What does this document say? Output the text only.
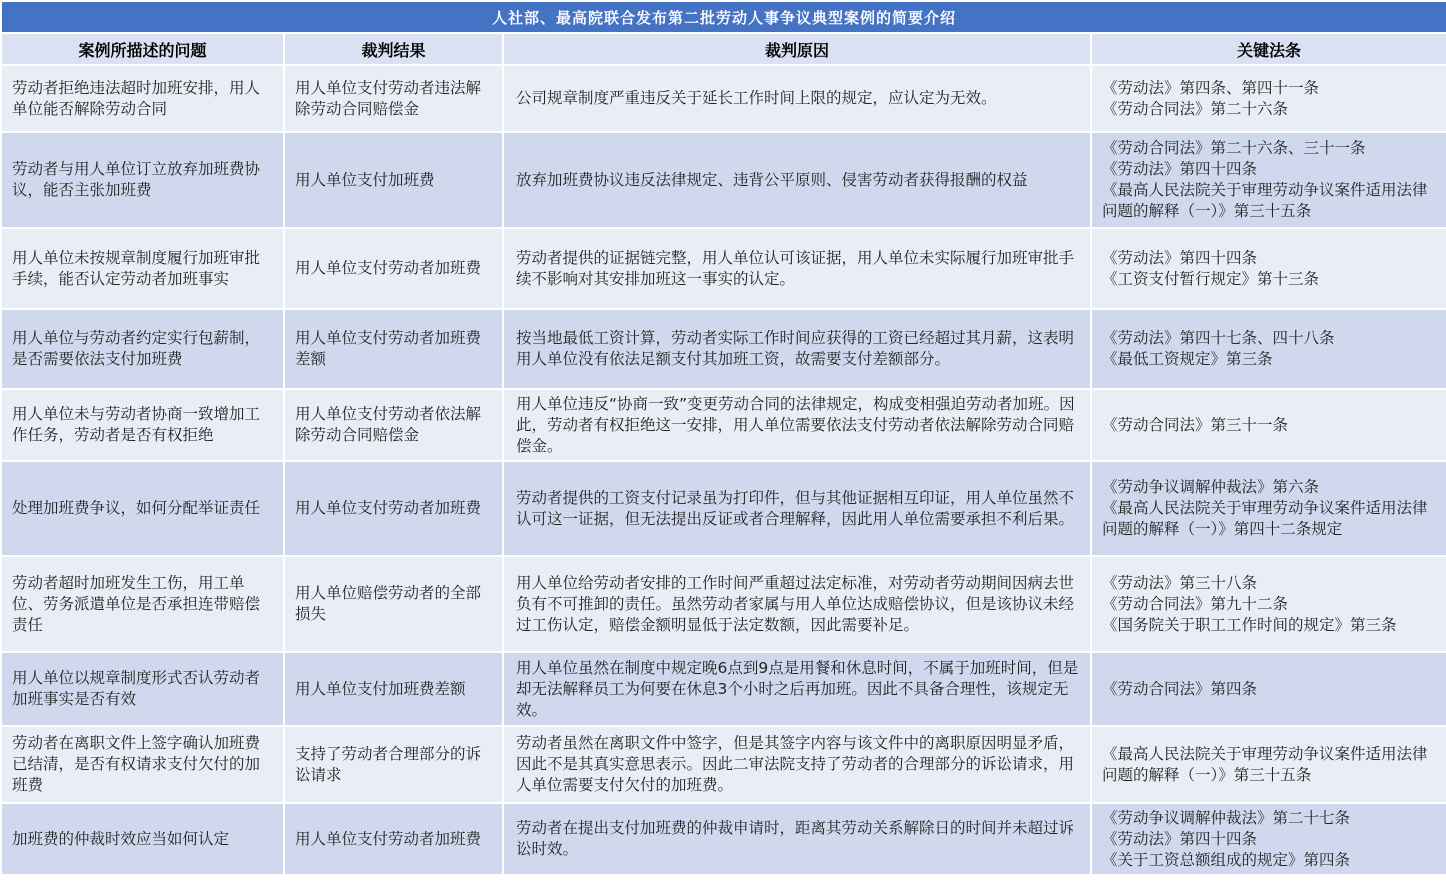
人社部、最高院联合发布第二批劳动人事争议典型案例的简要介绍			
案例所描述的问题	裁判结果	裁判原因	关键法条
劳动者拒绝违法超时加班安排，用人单位能否解除劳动合同	用人单位支付劳动者违法解除劳动合同赔偿金	公司规章制度严重违反关于延长工作时间上限的规定，应认定为无效。	《劳动法》第四条、第四十一条
《劳动合同法》第二十六条

劳动者与用人单位订立放弃加班费协议，能否主张加班费	用人单位支付加班费	放弃加班费协议违反法律规定、违背公平原则、侵害劳动者获得报酬的权益	《劳动合同法》第二十六条、三十一条
《劳动法》第四十四条
《最高人民法院关于审理劳动争议案件适用法律问题的解释（一）》第三十五条

用人单位未按规章制度履行加班审批手续，能否认定劳动者加班事实	用人单位支付劳动者加班费	劳动者提供的证据链完整，用人单位认可该证据，用人单位未实际履行加班审批手续不影响对其安排加班这一事实的认定。	《劳动法》第四十四条
《工资支付暂行规定》第十三条

用人单位与劳动者约定实行包薪制，是否需要依法支付加班费	用人单位支付劳动者加班费差额	按当地最低工资计算，劳动者实际工作时间应获得的工资已经超过其月薪，这表明用人单位没有依法足额支付其加班工资，故需要支付差额部分。	《劳动法》第四十七条、四十八条
《最低工资规定》第三条

用人单位未与劳动者协商一致增加工作任务，劳动者是否有权拒绝	用人单位支付劳动者依法解除劳动合同赔偿金	用人单位违反“协商一致”变更劳动合同的法律规定，构成变相强迫劳动者加班。因此，劳动者有权拒绝这一安排，用人单位需要依法支付劳动者依法解除劳动合同赔偿金。	《劳动合同法》第三十一条

处理加班费争议，如何分配举证责任	用人单位支付劳动者加班费	劳动者提供的工资支付记录虽为打印件，但与其他证据相互印证，用人单位虽然不认可这一证据，但无法提出反证或者合理解释，因此用人单位需要承担不利后果。	《劳动争议调解仲裁法》第六条
《最高人民法院关于审理劳动争议案件适用法律问题的解释（一）》第四十二条规定

劳动者超时加班发生工伤，用工单位、劳务派遣单位是否承担连带赔偿责任	用人单位赔偿劳动者的全部损失	用人单位给劳动者安排的工作时间严重超过法定标准，对劳动者劳动期间因病去世负有不可推卸的责任。虽然劳动者家属与用人单位达成赔偿协议，但是该协议未经过工伤认定，赔偿金额明显低于法定数额，因此需要补足。	《劳动法》第三十八条
《劳动合同法》第九十二条
《国务院关于职工工作时间的规定》第三条

用人单位以规章制度形式否认劳动者加班事实是否有效	用人单位支付加班费差额	用人单位虽然在制度中规定晚6点到9点是用餐和休息时间，不属于加班时间，但是却无法解释员工为何要在休息3个小时之后再加班。因此不具备合理性，该规定无效。	《劳动合同法》第四条

劳动者在离职文件上签字确认加班费已结清，是否有权请求支付欠付的加班费	支持了劳动者合理部分的诉讼请求	劳动者虽然在离职文件中签字，但是其签字内容与该文件中的离职原因明显矛盾，因此不是其真实意思表示。因此二审法院支持了劳动者的合理部分的诉讼请求，用人单位需要支付欠付的加班费。	《最高人民法院关于审理劳动争议案件适用法律问题的解释（一）》第三十五条

加班费的仲裁时效应当如何认定	用人单位支付劳动者加班费	劳动者在提出支付加班费的仲裁申请时，距离其劳动关系解除日的时间并未超过诉讼时效。	《劳动争议调解仲裁法》第二十七条
《劳动法》第四十四条
《关于工资总额组成的规定》第四条
